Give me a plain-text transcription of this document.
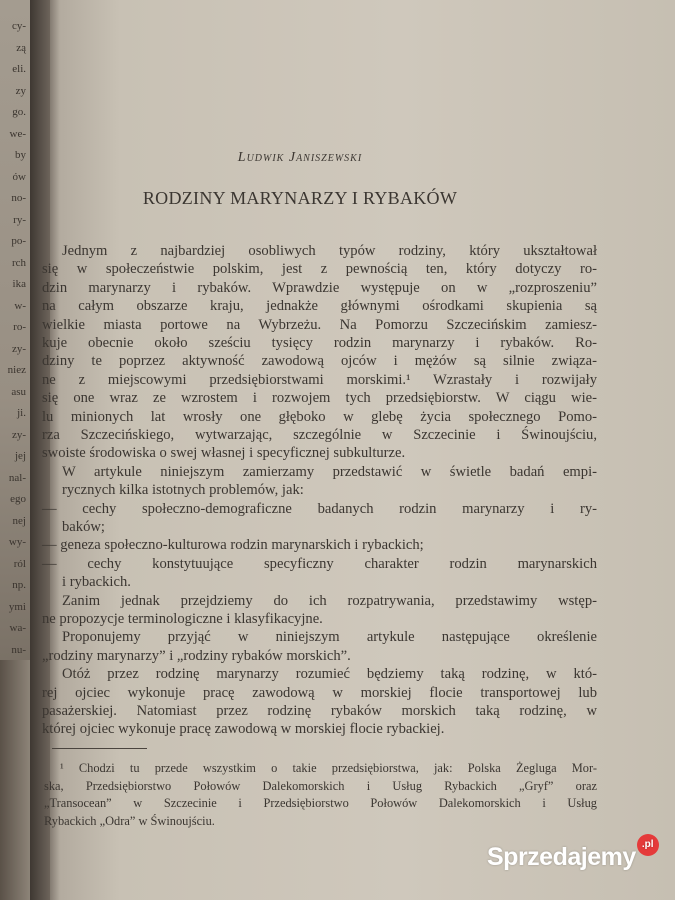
cy-
zą
eli.
zy
go.
we-
by
ów
no-
ry-
po-
rch
ika
w-
ro-
zy-
niez
asu
ji.
zy-
jej
nal-
ego
nej
wy-
ról
np.
ymi
wa-
nu-
Ludwik Janiszewski
RODZINY MARYNARZY I RYBAKÓW
Jednym z najbardziej osobliwych typów rodziny, który ukształtował
się w społeczeństwie polskim, jest z pewnością ten, który dotyczy ro-
dzin marynarzy i rybaków. Wprawdzie występuje on w „rozproszeniu”
na całym obszarze kraju, jednakże głównymi ośrodkami skupienia są
wielkie miasta portowe na Wybrzeżu. Na Pomorzu Szczecińskim zamiesz-
kuje obecnie około sześciu tysięcy rodzin marynarzy i rybaków. Ro-
dziny te poprzez aktywność zawodową ojców i mężów są silnie związa-
ne z miejscowymi przedsiębiorstwami morskimi.¹ Wzrastały i rozwijały
się one wraz ze wzrostem i rozwojem tych przedsiębiorstw. W ciągu wie-
lu minionych lat wrosły one głęboko w glebę życia społecznego Pomo-
rza Szczecińskiego, wytwarzając, szczególnie w Szczecinie i Świnoujściu,
swoiste środowiska o swej własnej i specyficznej subkulturze.
W artykule niniejszym zamierzamy przedstawić w świetle badań empi-
rycznych kilka istotnych problemów, jak:
— cechy społeczno-demograficzne badanych rodzin marynarzy i ry-
baków;
— geneza społeczno-kulturowa rodzin marynarskich i rybackich;
— cechy konstytuujące specyficzny charakter rodzin marynarskich
i rybackich.
Zanim jednak przejdziemy do ich rozpatrywania, przedstawimy wstęp-
ne propozycje terminologiczne i klasyfikacyjne.
Proponujemy przyjąć w niniejszym artykule następujące określenie
„rodziny marynarzy” i „rodziny rybaków morskich”.
Otóż przez rodzinę marynarzy rozumieć będziemy taką rodzinę, w któ-
rej ojciec wykonuje pracę zawodową w morskiej flocie transportowej lub
pasażerskiej. Natomiast przez rodzinę rybaków morskich taką rodzinę, w
której ojciec wykonuje pracę zawodową w morskiej flocie rybackiej.
¹ Chodzi tu przede wszystkim o takie przedsiębiorstwa, jak: Polska Żegluga Mor-
ska, Przedsiębiorstwo Połowów Dalekomorskich i Usług Rybackich „Gryf” oraz
„Transocean” w Szczecinie i Przedsiębiorstwo Połowów Dalekomorskich i Usług
Rybackich „Odra” w Świnoujściu.
Sprzedajemy .pl
